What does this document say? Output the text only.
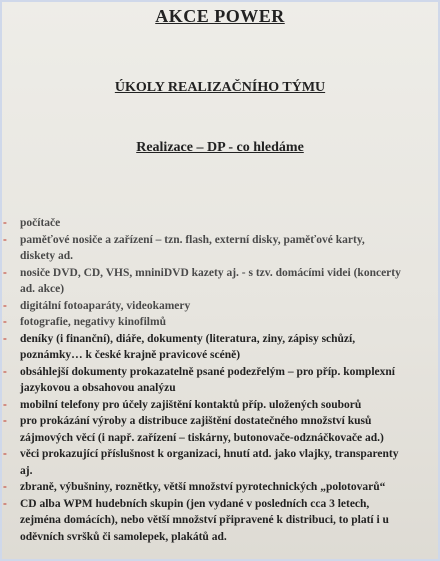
AKCE POWER
ÚKOLY REALIZAČNÍHO TÝMU
Realizace – DP - co hledáme
- počítače
- paměťové nosiče a zařízení – tzn. flash, externí disky, paměťové karty,
diskety ad.
- nosiče DVD, CD, VHS, mniniDVD kazety aj. - s tzv. domácími videi (koncerty
ad. akce)
- digitální fotoaparáty, videokamery
- fotografie, negativy kinofilmů
- deníky (i finanční), diáře, dokumenty (literatura, ziny, zápisy schůzí,
poznámky… k české krajně pravicové scéně)
- obsáhlejší dokumenty prokazatelně psané podezřelým – pro příp. komplexní
jazykovou a obsahovou analýzu
- mobilní telefony pro účely zajištění kontaktů příp. uložených souborů
- pro prokázání výroby a distribuce zajištění dostatečného množství kusů
zájmových věcí (i např. zařízení – tiskárny, butonovače-odznáčkovače ad.)
- věci prokazující příslušnost k organizaci, hnutí atd. jako vlajky, transparenty
aj.
- zbraně, výbušniny, roznětky, větší množství pyrotechnických „polotovarů“
- CD alba WPM hudebních skupin (jen vydané v posledních cca 3 letech,
zejména domácích), nebo větší množství připravené k distribuci, to platí i u
oděvních svršků či samolepek, plakátů ad.
